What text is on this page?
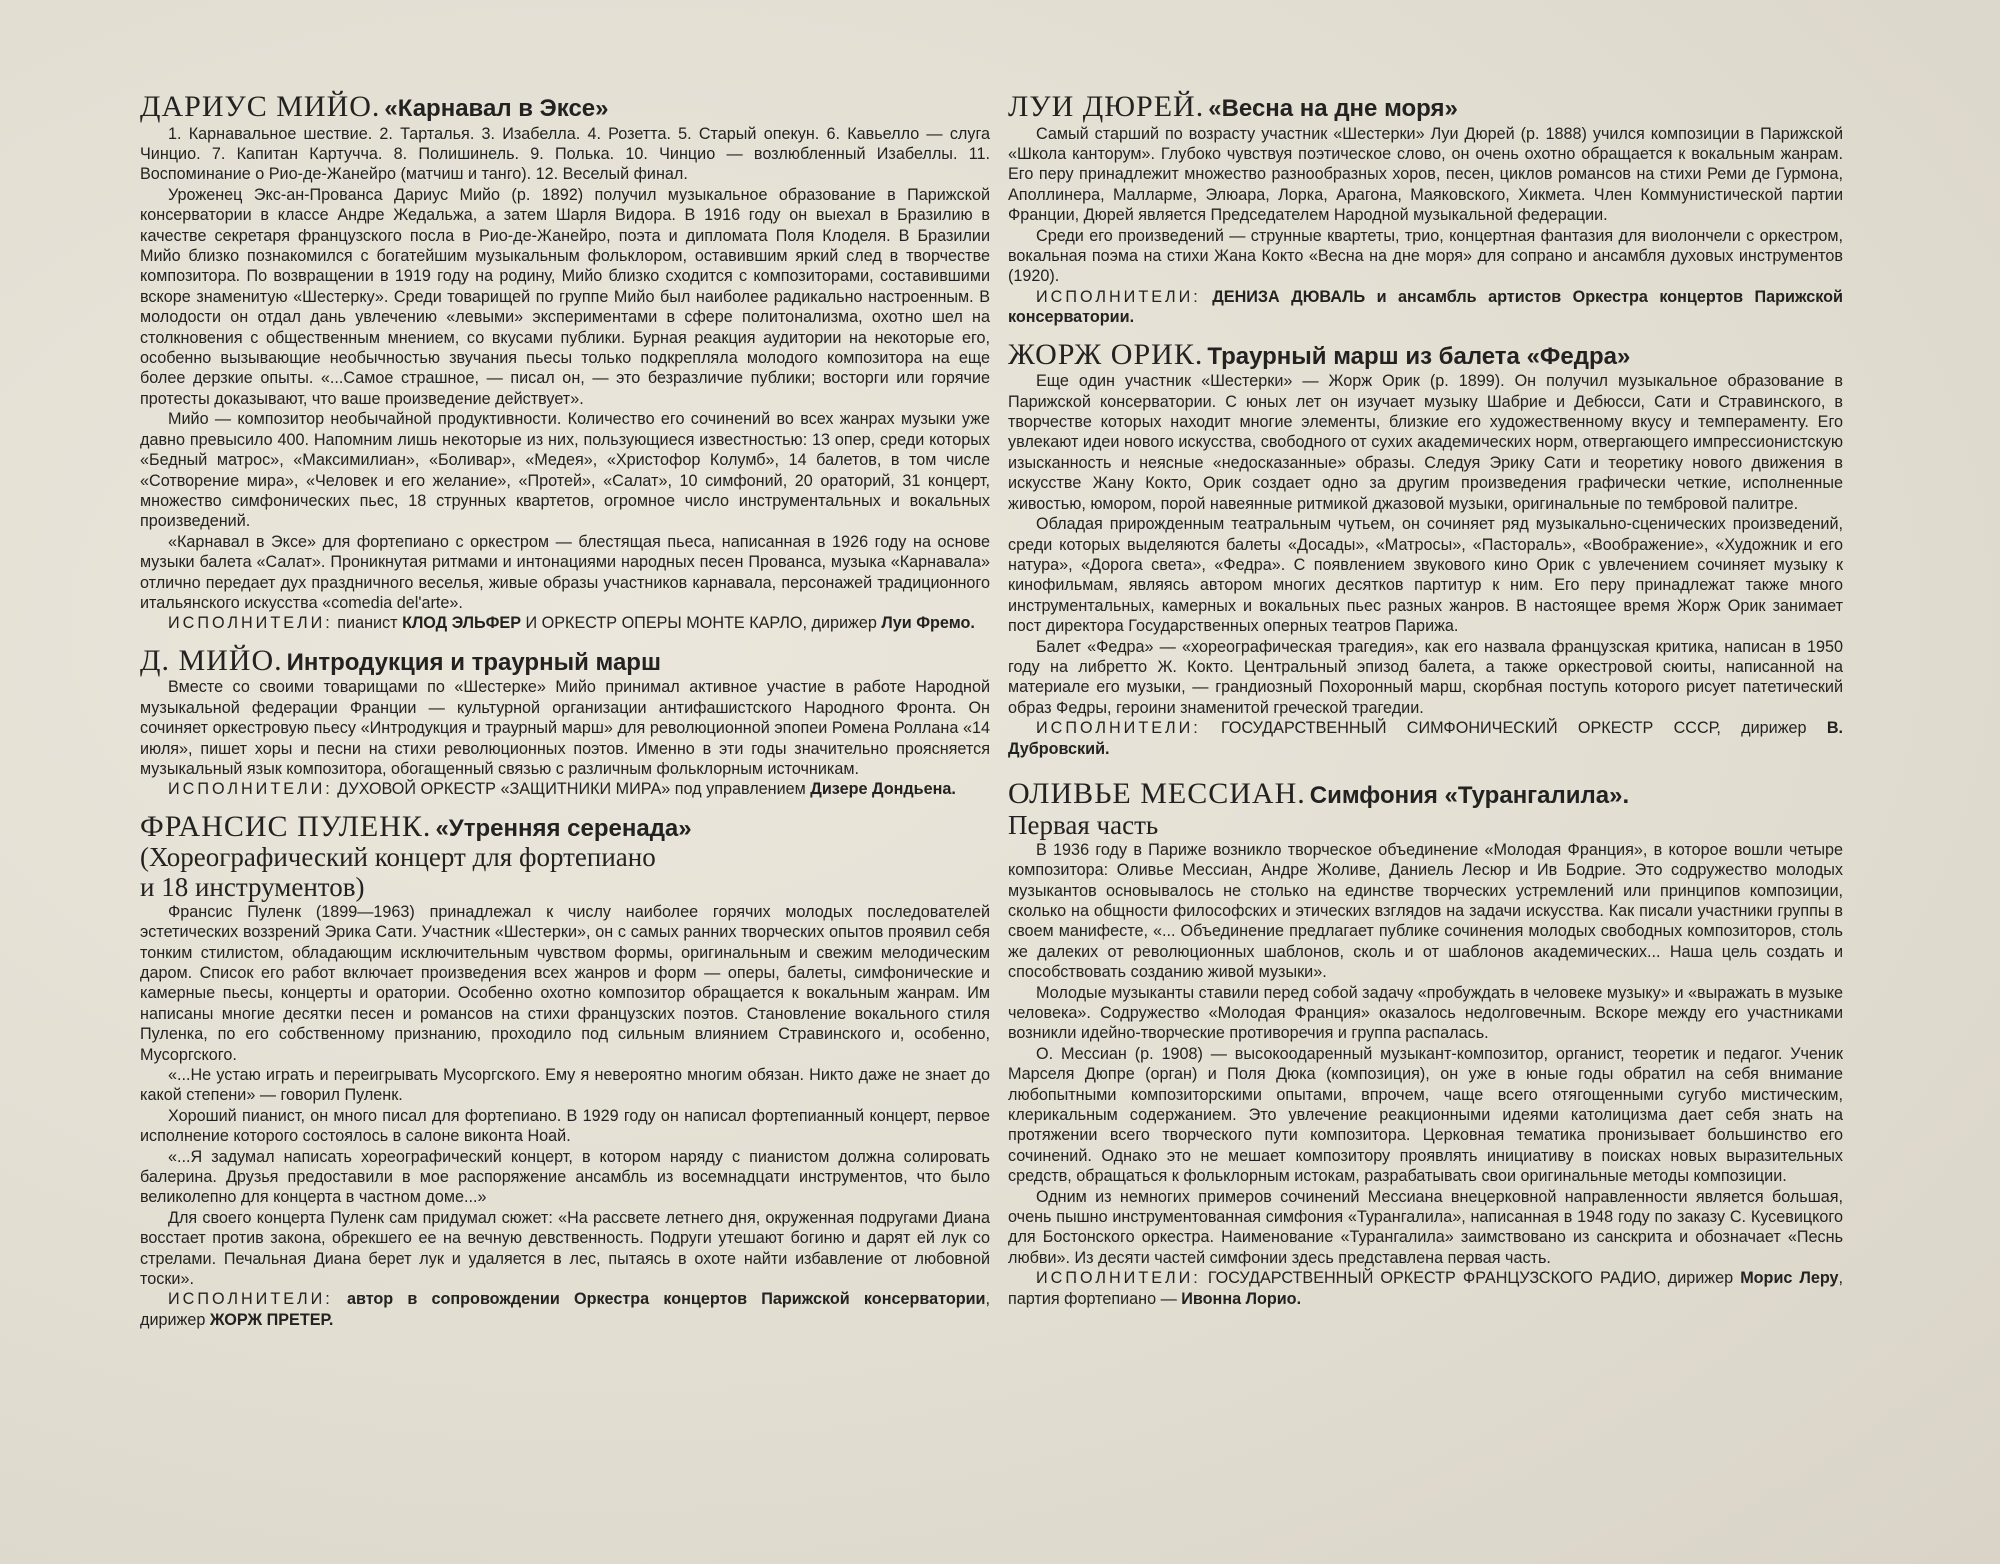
ДАРИУС МИЙО. «Карнавал в Эксе»

1. Карнавальное шествие. 2. Тарталья. 3. Изабелла. 4. Розетта. 5. Старый опекун. 6. Кавьелло — слуга Чинцио. 7. Капитан Картучча. 8. Полишинель. 9. Полька. 10. Чинцио — возлюбленный Изабеллы. 11. Воспоминание о Рио-де-Жанейро (матчиш и танго). 12. Веселый финал.

Уроженец Экс-ан-Прованса Дариус Мийо (р. 1892) получил музыкальное образование в Парижской консерватории в классе Андре Жедальжа, а затем Шарля Видора. В 1916 году он выехал в Бразилию в качестве секретаря французского посла в Рио-де-Жанейро, поэта и дипломата Поля Клоделя. В Бразилии Мийо близко познакомился с богатейшим музыкальным фольклором, оставившим яркий след в творчестве композитора. По возвращении в 1919 году на родину, Мийо близко сходится с композиторами, составившими вскоре знаменитую «Шестерку». Среди товарищей по группе Мийо был наиболее радикально настроенным. В молодости он отдал дань увлечению «левыми» экспериментами в сфере политонализма, охотно шел на столкновения с общественным мнением, со вкусами публики. Бурная реакция аудитории на некоторые его, особенно вызывающие необычностью звучания пьесы только подкрепляла молодого композитора на еще более дерзкие опыты. «...Самое страшное, — писал он, — это безразличие публики; восторги или горячие протесты доказывают, что ваше произведение действует».

Мийо — композитор необычайной продуктивности. Количество его сочинений во всех жанрах музыки уже давно превысило 400. Напомним лишь некоторые из них, пользующиеся известностью: 13 опер, среди которых «Бедный матрос», «Максимилиан», «Боливар», «Медея», «Христофор Колумб», 14 балетов, в том числе «Сотворение мира», «Человек и его желание», «Протей», «Салат», 10 симфоний, 20 ораторий, 31 концерт, множество симфонических пьес, 18 струнных квартетов, огромное число инструментальных и вокальных произведений.

«Карнавал в Эксе» для фортепиано с оркестром — блестящая пьеса, написанная в 1926 году на основе музыки балета «Салат». Проникнутая ритмами и интонациями народных песен Прованса, музыка «Карнавала» отлично передает дух праздничного веселья, живые образы участников карнавала, персонажей традиционного итальянского искусства «comedia del'arte».

ИСПОЛНИТЕЛИ: пианист КЛОД ЭЛЬФЕР И ОРКЕСТР ОПЕРЫ МОНТЕ КАРЛО, дирижер Луи Фремо.
Д. МИЙО. Интродукция и траурный марш

Вместе со своими товарищами по «Шестерке» Мийо принимал активное участие в работе Народной музыкальной федерации Франции — культурной организации антифашистского Народного Фронта. Он сочиняет оркестровую пьесу «Интродукция и траурный марш» для революционной эпопеи Ромена Роллана «14 июля», пишет хоры и песни на стихи революционных поэтов. Именно в эти годы значительно проясняется музыкальный язык композитора, обогащенный связью с различным фольклорным источникам.

ИСПОЛНИТЕЛИ: ДУХОВОЙ ОРКЕСТР «ЗАЩИТНИКИ МИРА» под управлением Дизере Дондьена.
ФРАНСИС ПУЛЕНК. «Утренняя серенада»
(Хореографический концерт для фортепиано
и 18 инструментов)

Франсис Пуленк (1899—1963) принадлежал к числу наиболее горячих молодых последователей эстетических воззрений Эрика Сати. Участник «Шестерки», он с самых ранних творческих опытов проявил себя тонким стилистом, обладающим исключительным чувством формы, оригинальным и свежим мелодическим даром. Список его работ включает произведения всех жанров и форм — оперы, балеты, симфонические и камерные пьесы, концерты и оратории. Особенно охотно композитор обращается к вокальным жанрам. Им написаны многие десятки песен и романсов на стихи французских поэтов. Становление вокального стиля Пуленка, по его собственному признанию, проходило под сильным влиянием Стравинского и, особенно, Мусоргского.

«...Не устаю играть и переигрывать Мусоргского. Ему я невероятно многим обязан. Никто даже не знает до какой степени» — говорил Пуленк.

Хороший пианист, он много писал для фортепиано. В 1929 году он написал фортепианный концерт, первое исполнение которого состоялось в салоне виконта Ноай.

«...Я задумал написать хореографический концерт, в котором наряду с пианистом должна солировать балерина. Друзья предоставили в мое распоряжение ансамбль из восемнадцати инструментов, что было великолепно для концерта в частном доме...»

Для своего концерта Пуленк сам придумал сюжет: «На рассвете летнего дня, окруженная подругами Диана восстает против закона, обрекшего ее на вечную девственность. Подруги утешают богиню и дарят ей лук со стрелами. Печальная Диана берет лук и удаляется в лес, пытаясь в охоте найти избавление от любовной тоски».

ИСПОЛНИТЕЛИ: автор в сопровождении Оркестра концертов Парижской консерватории, дирижер ЖОРЖ ПРЕТЕР.
ЛУИ ДЮРЕЙ. «Весна на дне моря»

Самый старший по возрасту участник «Шестерки» Луи Дюрей (р. 1888) учился композиции в Парижской «Школа канторум». Глубоко чувствуя поэтическое слово, он очень охотно обращается к вокальным жанрам. Его перу принадлежит множество разнообразных хоров, песен, циклов романсов на стихи Реми де Гурмона, Аполлинера, Малларме, Элюара, Лорка, Арагона, Маяковского, Хикмета. Член Коммунистической партии Франции, Дюрей является Председателем Народной музыкальной федерации.

Среди его произведений — струнные квартеты, трио, концертная фантазия для виолончели с оркестром, вокальная поэма на стихи Жана Кокто «Весна на дне моря» для сопрано и ансамбля духовых инструментов (1920).

ИСПОЛНИТЕЛИ: ДЕНИЗА ДЮВАЛЬ и ансамбль артистов Оркестра концертов Парижской консерватории.
ЖОРЖ ОРИК. Траурный марш из балета «Федра»

Еще один участник «Шестерки» — Жорж Орик (р. 1899). Он получил музыкальное образование в Парижской консерватории. С юных лет он изучает музыку Шабрие и Дебюсси, Сати и Стравинского, в творчестве которых находит многие элементы, близкие его художественному вкусу и темпераменту. Его увлекают идеи нового искусства, свободного от сухих академических норм, отвергающего импрессионистскую изысканность и неясные «недосказанные» образы. Следуя Эрику Сати и теоретику нового движения в искусстве Жану Кокто, Орик создает одно за другим произведения графически четкие, исполненные живостью, юмором, порой навеянные ритмикой джазовой музыки, оригинальные по тембровой палитре.

Обладая прирожденным театральным чутьем, он сочиняет ряд музыкально-сценических произведений, среди которых выделяются балеты «Досады», «Матросы», «Пастораль», «Воображение», «Художник и его натура», «Дорога света», «Федра». С появлением звукового кино Орик с увлечением сочиняет музыку к кинофильмам, являясь автором многих десятков партитур к ним. Его перу принадлежат также много инструментальных, камерных и вокальных пьес разных жанров. В настоящее время Жорж Орик занимает пост директора Государственных оперных театров Парижа.

Балет «Федра» — «хореографическая трагедия», как его назвала французская критика, написан в 1950 году на либретто Ж. Кокто. Центральный эпизод балета, а также оркестровой сюиты, написанной на материале его музыки, — грандиозный Похоронный марш, скорбная поступь которого рисует патетический образ Федры, героини знаменитой греческой трагедии.

ИСПОЛНИТЕЛИ: ГОСУДАРСТВЕННЫЙ СИМФОНИЧЕСКИЙ ОРКЕСТР СССР, дирижер В. Дубровский.
ОЛИВЬЕ МЕССИАН. Симфония «Турангалила».
Первая часть

В 1936 году в Париже возникло творческое объединение «Молодая Франция», в которое вошли четыре композитора: Оливье Мессиан, Андре Жоливе, Даниель Лесюр и Ив Бодрие. Это содружество молодых музыкантов основывалось не столько на единстве творческих устремлений или принципов композиции, сколько на общности философских и этических взглядов на задачи искусства. Как писали участники группы в своем манифесте, «... Объединение предлагает публике сочинения молодых свободных композиторов, столь же далеких от революционных шаблонов, сколь и от шаблонов академических... Наша цель создать и способствовать созданию живой музыки».

Молодые музыканты ставили перед собой задачу «пробуждать в человеке музыку» и «выражать в музыке человека». Содружество «Молодая Франция» оказалось недолговечным. Вскоре между его участниками возникли идейно-творческие противоречия и группа распалась.

О. Мессиан (р. 1908) — высокоодаренный музыкант-композитор, органист, теоретик и педагог. Ученик Марселя Дюпре (орган) и Поля Дюка (композиция), он уже в юные годы обратил на себя внимание любопытными композиторскими опытами, впрочем, чаще всего отягощенными сугубо мистическим, клерикальным содержанием. Это увлечение реакционными идеями католицизма дает себя знать на протяжении всего творческого пути композитора. Церковная тематика пронизывает большинство его сочинений. Однако это не мешает композитору проявлять инициативу в поисках новых выразительных средств, обращаться к фольклорным истокам, разрабатывать свои оригинальные методы композиции.

Одним из немногих примеров сочинений Мессиана внецерковной направленности является большая, очень пышно инструментованная симфония «Турангалила», написанная в 1948 году по заказу С. Кусевицкого для Бостонского оркестра. Наименование «Турангалила» заимствовано из санскрита и обозначает «Песнь любви». Из десяти частей симфонии здесь представлена первая часть.

ИСПОЛНИТЕЛИ: ГОСУДАРСТВЕННЫЙ ОРКЕСТР ФРАНЦУЗСКОГО РАДИО, дирижер Морис Леру, партия фортепиано — Ивонна Лорио.
